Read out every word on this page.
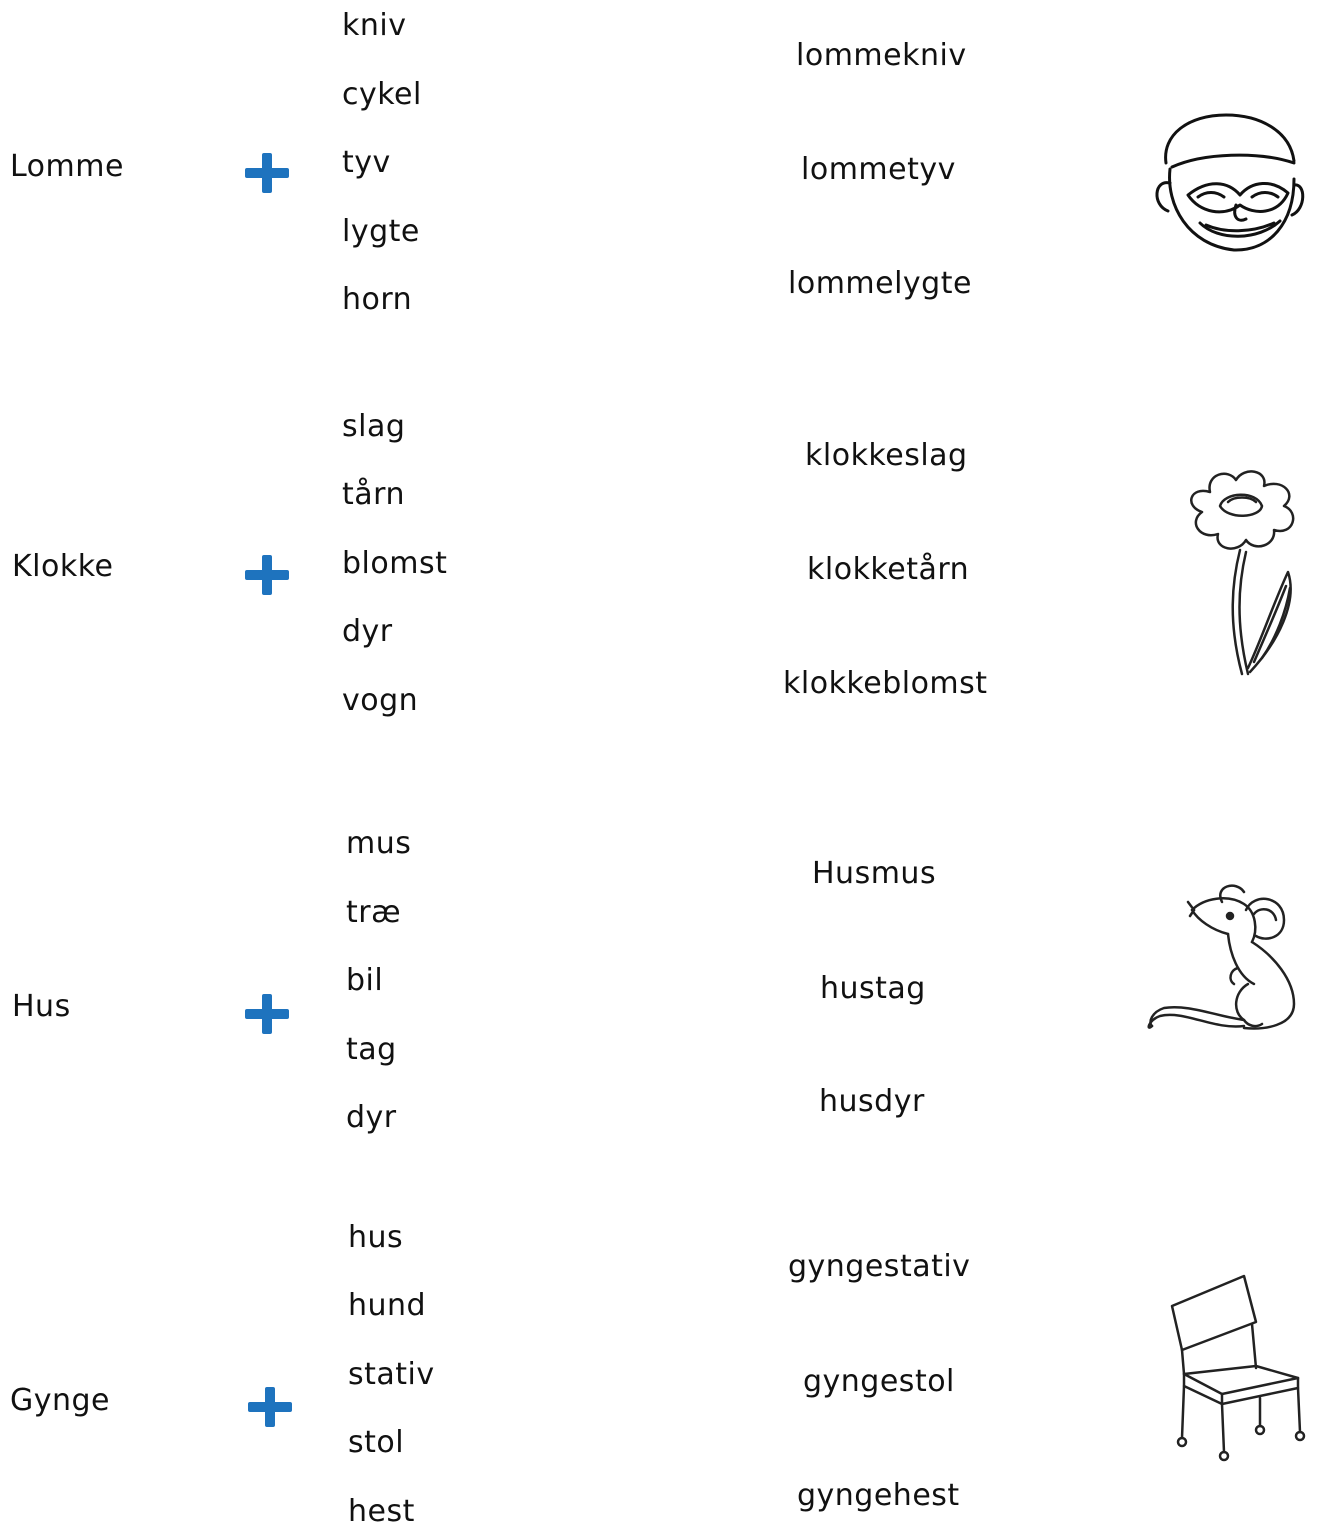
Lomme
kniv
cykel
tyv
lygte
horn
lommekniv
lommetyv
lommelygte
Klokke
slag
tårn
blomst
dyr
vogn
klokkeslag
klokketårn
klokkeblomst
Hus
mus
træ
bil
tag
dyr
Husmus
hustag
husdyr
Gynge
hus
hund
stativ
stol
hest
gyngestativ
gyngestol
gyngehest
